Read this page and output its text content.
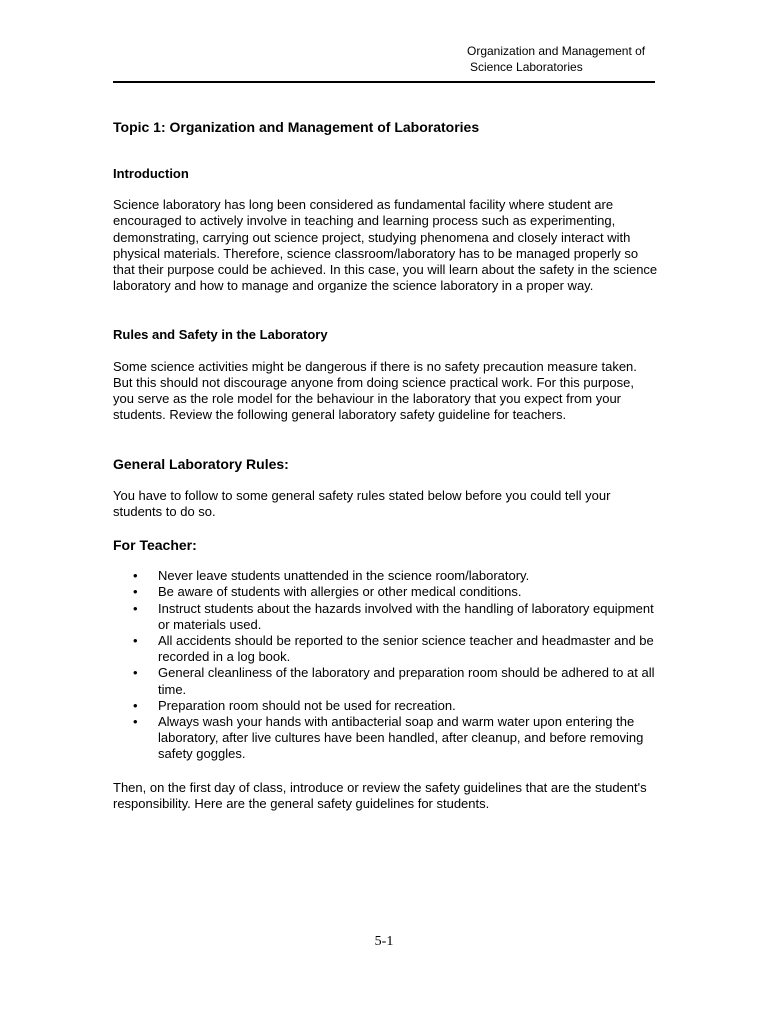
Organization and Management of
Science Laboratories
Topic 1: Organization and Management of Laboratories
Introduction

Science laboratory has long been considered as fundamental facility where student are encouraged to actively involve in teaching and learning process such as experimenting, demonstrating, carrying out science project, studying phenomena and closely interact with physical materials. Therefore, science classroom/laboratory has to be managed properly so that their purpose could be achieved. In this case, you will learn about the safety in the science laboratory and how to manage and organize the science laboratory in a proper way.

Rules and Safety in the Laboratory

Some science activities might be dangerous if there is no safety precaution measure taken. But this should not discourage anyone from doing science practical work. For this purpose, you serve as the role model for the behaviour in the laboratory that you expect from your students. Review the following general laboratory safety guideline for teachers.

General Laboratory Rules:

You have to follow to some general safety rules stated below before you could tell your students to do so.

For Teacher:
• Never leave students unattended in the science room/laboratory.
• Be aware of students with allergies or other medical conditions.
• Instruct students about the hazards involved with the handling of laboratory equipment or materials used.
• All accidents should be reported to the senior science teacher and headmaster and be recorded in a log book.
• General cleanliness of the laboratory and preparation room should be adhered to at all time.
• Preparation room should not be used for recreation.
• Always wash your hands with antibacterial soap and warm water upon entering the laboratory, after live cultures have been handled, after cleanup, and before removing safety goggles.

Then, on the first day of class, introduce or review the safety guidelines that are the student's responsibility. Here are the general safety guidelines for students.

5-1
